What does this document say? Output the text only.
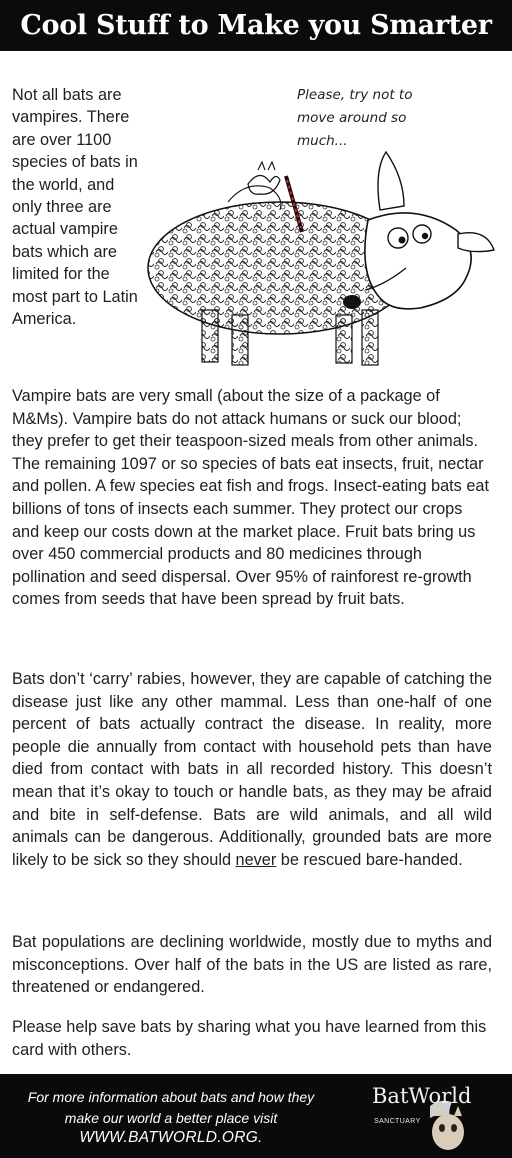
Cool Stuff to Make you Smarter
Not all bats are vampires. There are over 1100 species of bats in the world, and only three are actual vampire bats which are limited for the most part to Latin America.
Please, try not to move around so much...
Vampire bats are very small (about the size of a package of M&Ms). Vampire bats do not attack humans or suck our blood; they prefer to get their teaspoon-sized meals from other animals. The remaining 1097 or so species of bats eat insects, fruit, nectar and pollen. A few species eat fish and frogs. Insect-eating bats eat billions of tons of insects each summer. They protect our crops and keep our costs down at the market place. Fruit bats bring us over 450 commercial products and 80 medicines through pollination and seed dispersal. Over 95% of rainforest re-growth comes from seeds that have been spread by fruit bats.
Bats don’t ‘carry’ rabies, however, they are capable of catching the disease just like any other mammal. Less than one-half of one percent of bats actually contract the disease. In reality, more people die annually from contact with household pets than have died from contact with bats in all recorded history. This doesn’t mean that it’s okay to touch or handle bats, as they may be afraid and bite in self-defense. Bats are wild animals, and all wild animals can be dangerous. Additionally, grounded bats are more likely to be sick so they should never be rescued bare-handed.
Bat populations are declining worldwide, mostly due to myths and misconceptions. Over half of the bats in the US are listed as rare, threatened or endangered.
Please help save bats by sharing what you have learned from this card with others.
For more information about bats and how they make our world a better place visit
WWW.BATWORLD.ORG.
BatWorld
SANCTUARY
